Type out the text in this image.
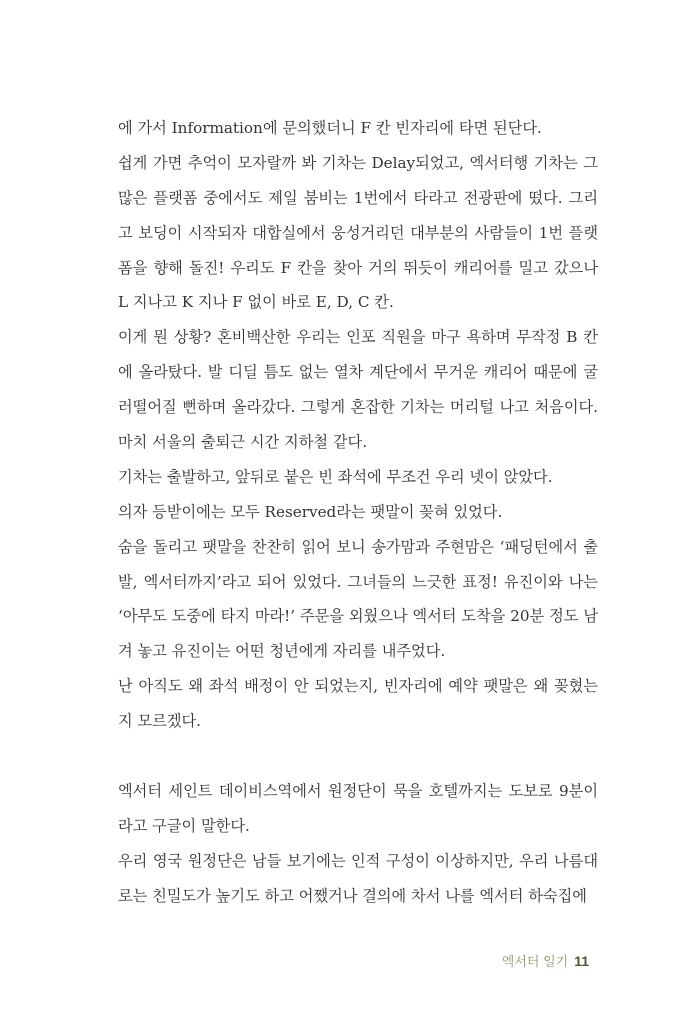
에 가서 Information에 문의했더니 F 칸 빈자리에 타면 된단다.
쉽게 가면 추억이 모자랄까 봐 기차는 Delay되었고, 엑서터행 기차는 그
많은 플랫폼 중에서도 제일 붐비는 1번에서 타라고 전광판에 떴다. 그리
고 보딩이 시작되자 대합실에서 웅성거리던 대부분의 사람들이 1번 플랫
폼을 향해 돌진! 우리도 F 칸을 찾아 거의 뛰듯이 캐리어를 밀고 갔으나
L 지나고 K 지나 F 없이 바로 E, D, C 칸.
이게 뭔 상황? 혼비백산한 우리는 인포 직원을 마구 욕하며 무작정 B 칸
에 올라탔다. 발 디딜 틈도 없는 열차 계단에서 무거운 캐리어 때문에 굴
러떨어질 뻔하며 올라갔다. 그렇게 혼잡한 기차는 머리털 나고 처음이다.
마치 서울의 출퇴근 시간 지하철 같다.
기차는 출발하고, 앞뒤로 붙은 빈 좌석에 무조건 우리 넷이 앉았다.
의자 등받이에는 모두 Reserved라는 팻말이 꽂혀 있었다.
숨을 돌리고 팻말을 찬찬히 읽어 보니 송가맘과 주현맘은 ‘패딩턴에서 출
발, 엑서터까지’라고 되어 있었다. 그녀들의 느긋한 표정! 유진이와 나는
‘아무도 도중에 타지 마라!’ 주문을 외웠으나 엑서터 도착을 20분 정도 남
겨 놓고 유진이는 어떤 청년에게 자리를 내주었다.
난 아직도 왜 좌석 배정이 안 되었는지, 빈자리에 예약 팻말은 왜 꽂혔는
지 모르겠다.
엑서터 세인트 데이비스역에서 원정단이 묵을 호텔까지는 도보로 9분이
라고 구글이 말한다.
우리 영국 원정단은 남들 보기에는 인적 구성이 이상하지만, 우리 나름대
로는 친밀도가 높기도 하고 어쨌거나 결의에 차서 나를 엑서터 하숙집에
엑서터 일기 11
